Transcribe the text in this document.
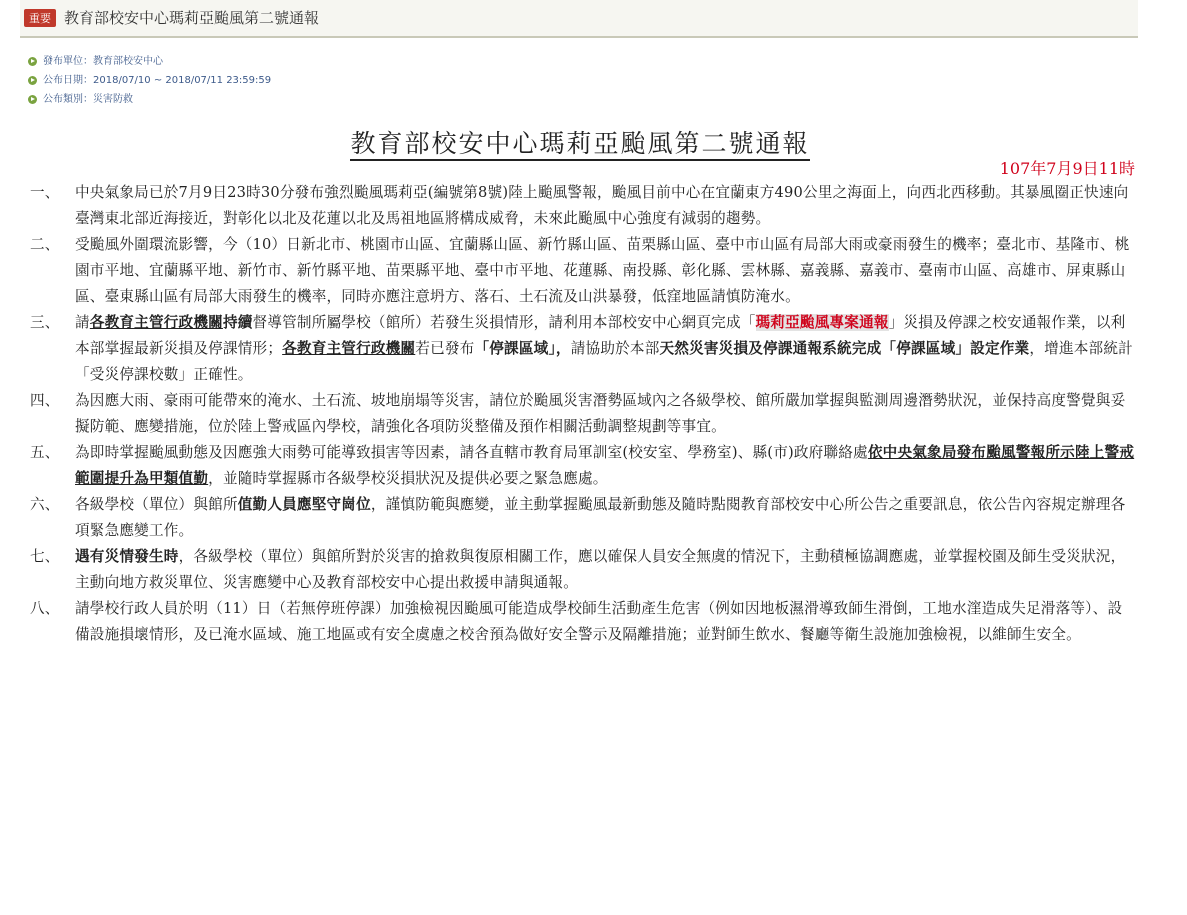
重要 教育部校安中心瑪莉亞颱風第二號通報
發布單位：教育部校安中心
公布日期：2018/07/10 ~ 2018/07/11 23:59:59
公布類別：災害防救
教育部校安中心瑪莉亞颱風第二號通報
107年7月9日11時
一、 中央氣象局已於7月9日23時30分發布強烈颱風瑪莉亞(編號第8號)陸上颱風警報，颱風目前中心在宜蘭東方490公里之海面上，向西北西移動。其暴風圈正快速向臺灣東北部近海接近，對彰化以北及花蓮以北及馬祖地區將構成威脅，未來此颱風中心強度有減弱的趨勢。
二、 受颱風外圍環流影響，今（10）日新北市、桃園市山區、宜蘭縣山區、新竹縣山區、苗栗縣山區、臺中市山區有局部大雨或豪雨發生的機率；臺北市、基隆市、桃園市平地、宜蘭縣平地、新竹市、新竹縣平地、苗栗縣平地、臺中市平地、花蓮縣、南投縣、彰化縣、雲林縣、嘉義縣、嘉義市、臺南市山區、高雄市、屏東縣山區、臺東縣山區有局部大雨發生的機率，同時亦應注意坍方、落石、土石流及山洪暴發，低窪地區請慎防淹水。
三、 請各教育主管行政機關持續督導管制所屬學校（館所）若發生災損情形，請利用本部校安中心網頁完成「瑪莉亞颱風專案通報」災損及停課之校安通報作業，以利本部掌握最新災損及停課情形；各教育主管行政機關若已發布「停課區域」，請協助於本部天然災害災損及停課通報系統完成「停課區域」設定作業，增進本部統計「受災停課校數」正確性。
四、 為因應大雨、豪雨可能帶來的淹水、土石流、坡地崩塌等災害，請位於颱風災害潛勢區域內之各級學校、館所嚴加掌握與監測周邊潛勢狀況，並保持高度警覺與妥擬防範、應變措施，位於陸上警戒區內學校，請強化各項防災整備及預作相關活動調整規劃等事宜。
五、 為即時掌握颱風動態及因應強大雨勢可能導致損害等因素，請各直轄市教育局軍訓室(校安室、學務室)、縣(市)政府聯絡處依中央氣象局發布颱風警報所示陸上警戒範圍提升為甲類值勤，並隨時掌握縣市各級學校災損狀況及提供必要之緊急應處。
六、 各級學校（單位）與館所值勤人員應堅守崗位，謹慎防範與應變，並主動掌握颱風最新動態及隨時點閱教育部校安中心所公告之重要訊息，依公告內容規定辦理各項緊急應變工作。
七、 遇有災情發生時，各級學校（單位）與館所對於災害的搶救與復原相關工作，應以確保人員安全無虞的情況下，主動積極協調應處，並掌握校園及師生受災狀況，主動向地方救災單位、災害應變中心及教育部校安中心提出救援申請與通報。
八、 請學校行政人員於明（11）日（若無停班停課）加強檢視因颱風可能造成學校師生活動產生危害（例如因地板濕滑導致師生滑倒，工地水漥造成失足滑落等）、設備設施損壞情形，及已淹水區域、施工地區或有安全虞慮之校舍預為做好安全警示及隔離措施；並對師生飲水、餐廳等衛生設施加強檢視，以維師生安全。
